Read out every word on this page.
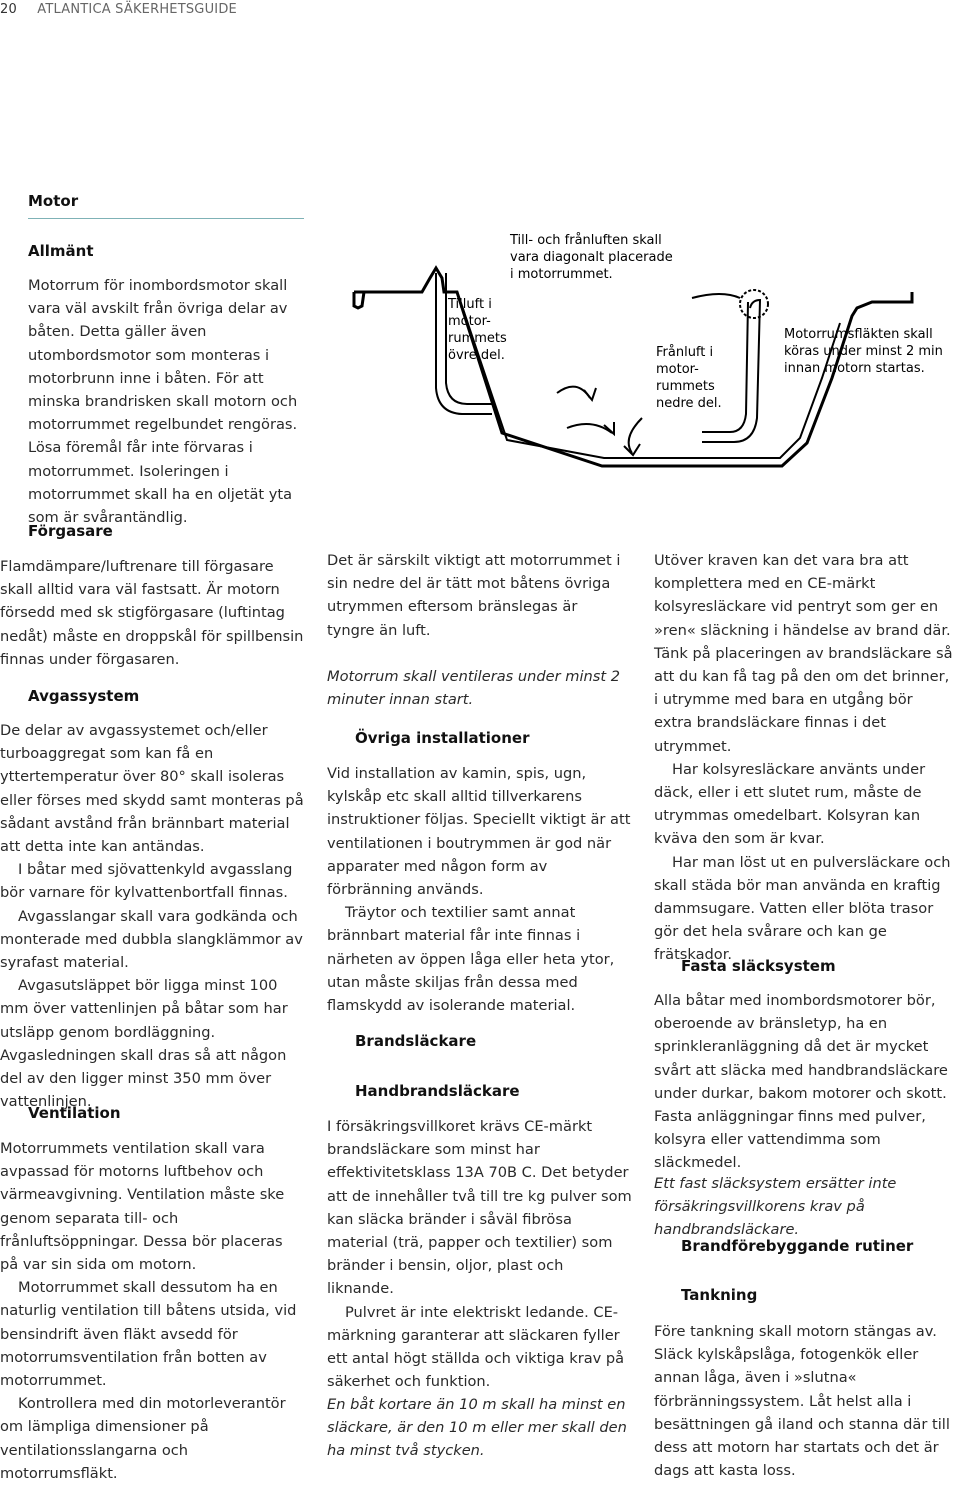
20 ATLANTICA SÄKERHETSGUIDE
Motor
Allmänt

Motorrum för inombordsmotor skall vara väl avskilt från övriga delar av båten. Detta gäller även utombordsmotor som monteras i motorbrunn inne i båten. För att minska brandrisken skall motorn och motorrummet regelbundet rengöras. Lösa föremål får inte förvaras i motorrummet. Isoleringen i motorrummet skall ha en oljetät yta som är svårantändlig.

Förgasare

Flamdämpare/luftrenare till förgasare skall alltid vara väl fastsatt. Är motorn försedd med sk stigförgasare (luftintag nedåt) måste en droppskål för spillbensin finnas under förgasaren.

Avgassystem

De delar av avgassystemet och/eller turboaggregat som kan få en yttertemperatur över 80° skall isoleras eller förses med skydd samt monteras på sådant avstånd från brännbart material att detta inte kan antändas.

I båtar med sjövattenkyld avgasslang bör varnare för kylvattenbortfall finnas.

Avgasslangar skall vara godkända och monterade med dubbla slangklämmor av syrafast material.

Avgasutsläppet bör ligga minst 100 mm över vattenlinjen på båtar som har utsläpp genom bordläggning. Avgasledningen skall dras så att någon del av den ligger minst 350 mm över vattenlinjen.

Ventilation

Motorrummets ventilation skall vara avpassad för motorns luftbehov och värmeavgivning. Ventilation måste ske genom separata till- och frånluftsöppningar. Dessa bör placeras på var sin sida om motorn.

Motorrummet skall dessutom ha en naturlig ventilation till båtens utsida, vid bensindrift även fläkt avsedd för motorrumsventilation från botten av motorrummet.

Kontrollera med din motorleverantör om lämpliga dimensioner på ventilationsslangarna och motorrumsfläkt.

Till- och frånluften skall
vara diagonalt placerade
i motorrummet.
Tilluft i
motor-
rummets
övre del.	Frånluft i
motor-
rummets
nedre del.
Motorrumsfläkten skall
köras under minst 2 min
innan motorn startas.

Det är särskilt viktigt att motorrummet i sin nedre del är tätt mot båtens övriga utrymmen eftersom bränslegas är tyngre än luft.

Motorrum skall ventileras under minst 2 minuter innan start.

Övriga installationer

Vid installation av kamin, spis, ugn, kylskåp etc skall alltid tillverkarens instruktioner följas. Speciellt viktigt är att ventilationen i boutrymmen är god när apparater med någon form av förbränning används.

Träytor och textilier samt annat brännbart material får inte finnas i närheten av öppen låga eller heta ytor, utan måste skiljas från dessa med flamskydd av isolerande material.

Brandsläckare
Handbrandsläckare

I försäkringsvillkoret krävs CE-märkt brandsläckare som minst har effektivitetsklass 13A 70B C. Det betyder att de innehåller två till tre kg pulver som kan släcka bränder i såväl fibrösa material (trä, papper och textilier) som bränder i bensin, oljor, plast och liknande.

Pulvret är inte elektriskt ledande. CE-märkning garanterar att släckaren fyller ett antal högt ställda och viktiga krav på säkerhet och funktion.

En båt kortare än 10 m skall ha minst en släckare, är den 10 m eller mer skall den ha minst två stycken.

Utöver kraven kan det vara bra att komplettera med en CE-märkt kolsyresläckare vid pentryt som ger en »ren« släckning i händelse av brand där. Tänk på placeringen av brandsläckare så att du kan få tag på den om det brinner, i utrymme med bara en utgång bör extra brandsläckare finnas i det utrymmet.

Har kolsyresläckare använts under däck, eller i ett slutet rum, måste de utrymmas omedelbart. Kolsyran kan kväva den som är kvar.

Har man löst ut en pulversläckare och skall städa bör man använda en kraftig dammsugare. Vatten eller blöta trasor gör det hela svårare och kan ge frätskador.

Fasta släcksystem

Alla båtar med inombordsmotorer bör, oberoende av bränsletyp, ha en sprinkleranläggning då det är mycket svårt att släcka med handbrandsläckare under durkar, bakom motorer och skott. Fasta anläggningar finns med pulver, kolsyra eller vattendimma som släckmedel.

Ett fast släcksystem ersätter inte försäkringsvillkorens krav på handbrandsläckare.

Brandförebyggande rutiner
Tankning

Före tankning skall motorn stängas av. Släck kylskåpslåga, fotogenkök eller annan låga, även i »slutna« förbränningssystem. Låt helst alla i besättningen gå iland och stanna där till dess att motorn har startats och det är dags att kasta loss.
